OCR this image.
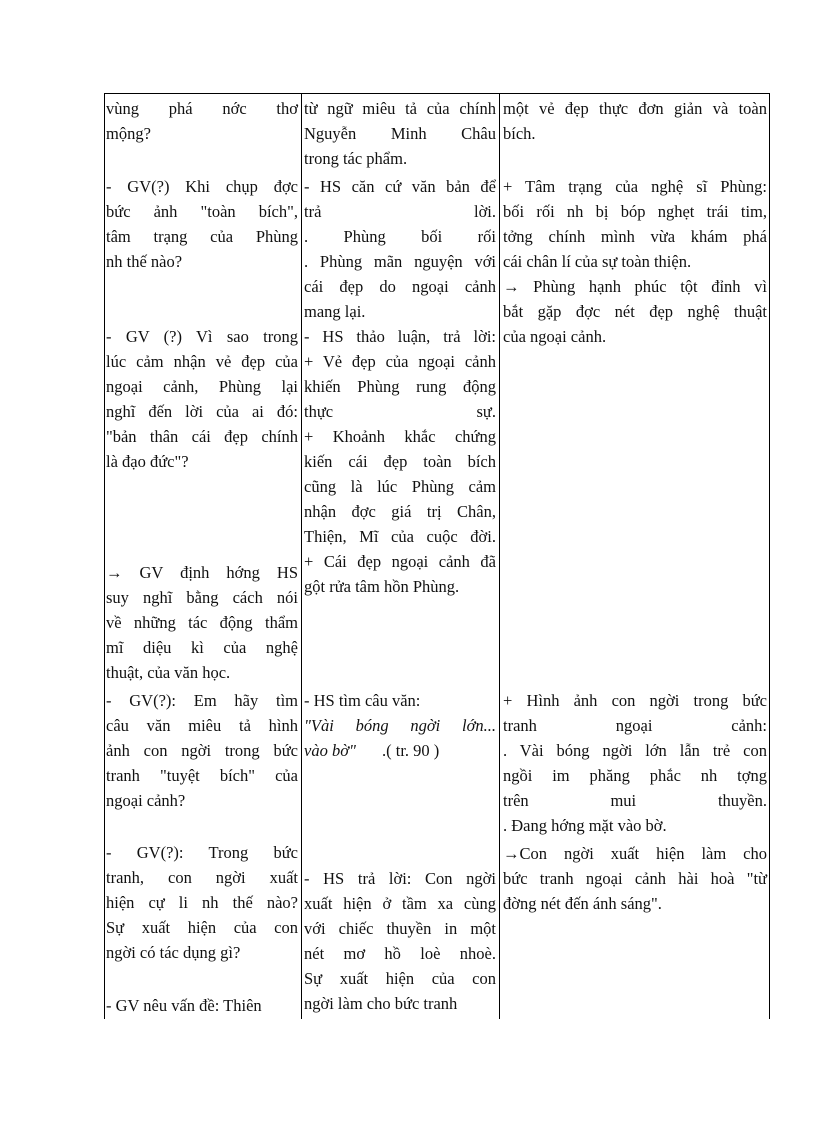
vùng phá nớc thơ
mộng?
- GV(?) Khi chụp đợc
bức ảnh "toàn bích",
tâm trạng của Phùng
nh thế nào?
- GV (?) Vì sao trong
lúc cảm nhận vẻ đẹp của
ngoại cảnh, Phùng lại
nghĩ đến lời của ai đó:
"bản thân cái đẹp chính
là đạo đức"?
→ GV định hớng HS
suy nghĩ bằng cách nói
về những tác động thẩm
mĩ diệu kì của nghệ
thuật, của văn học.
- GV(?): Em hãy tìm
câu văn miêu tả hình
ảnh con ngời trong bức
tranh "tuyệt bích" của
ngoại cảnh?
- GV(?): Trong bức
tranh, con ngời xuất
hiện cự li nh thế nào?
Sự xuất hiện của con
ngời có tác dụng gì?
- GV nêu vấn đề: Thiên
từ ngữ miêu tả của chính
Nguyễn Minh Châu
trong tác phẩm.
- HS căn cứ văn bản để
trả lời.
. Phùng bối rối
. Phùng mãn nguyện với
cái đẹp do ngoại cảnh
mang lại.
- HS thảo luận, trả lời:
+ Vẻ đẹp của ngoại cảnh
khiến Phùng rung động
thực sự.
+ Khoảnh khắc chứng
kiến cái đẹp toàn bích
cũng là lúc Phùng cảm
nhận đợc giá trị Chân,
Thiện, Mĩ của cuộc đời.
+ Cái đẹp ngoại cảnh đã
gột rửa tâm hồn Phùng.
- HS tìm câu văn:
"Vài bóng ngời lớn...
vào bờ"	.( tr. 90 )
- HS trả lời: Con ngời
xuất hiện ở tầm xa cùng
với chiếc thuyền in một
nét mơ hồ loè nhoè.
Sự xuất hiện của con
ngời làm cho bức tranh
một vẻ đẹp thực đơn giản và toàn
bích.
+ Tâm trạng của nghệ sĩ Phùng:
bối rối nh bị bóp nghẹt trái tim,
tởng chính mình vừa khám phá
cái chân lí của sự toàn thiện.
→ Phùng hạnh phúc tột đỉnh vì
bắt gặp đợc nét đẹp nghệ thuật
của ngoại cảnh.
+ Hình ảnh con ngời trong bức
tranh ngoại cảnh:
. Vài bóng ngời lớn lẫn trẻ con
ngồi im phăng phắc nh tợng
trên mui thuyền.
. Đang hớng mặt vào bờ.
→Con ngời xuất hiện làm cho
bức tranh ngoại cảnh hài hoà "từ
đờng nét đến ánh sáng".
